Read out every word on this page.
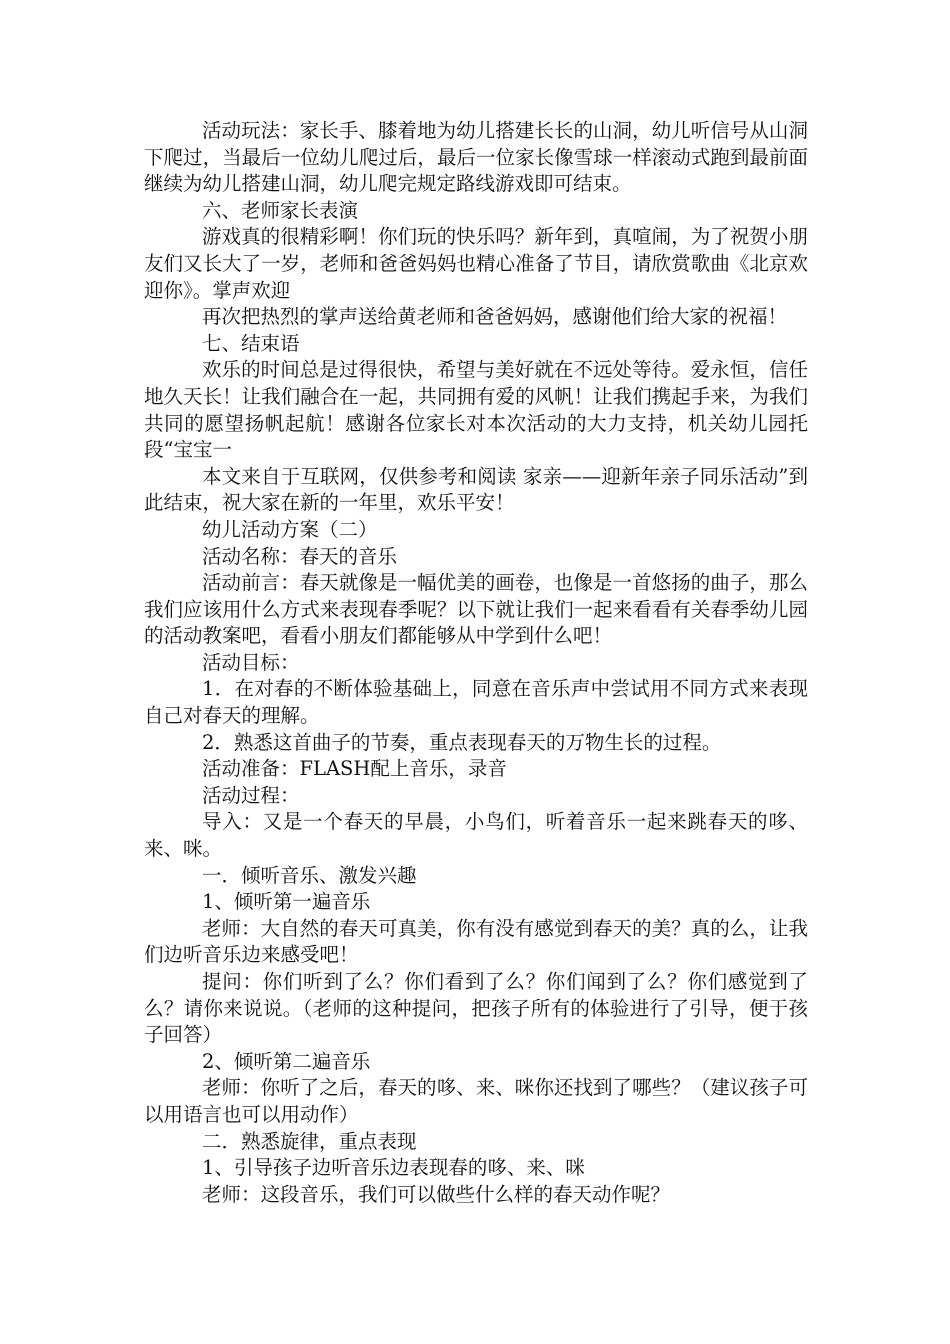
活动玩法：家长手、膝着地为幼儿搭建长长的山洞，幼儿听信号从山洞下爬过，当最后一位幼儿爬过后，最后一位家长像雪球一样滚动式跑到最前面继续为幼儿搭建山洞，幼儿爬完规定路线游戏即可结束。

六、老师家长表演

游戏真的很精彩啊！你们玩的快乐吗？新年到，真喧闹，为了祝贺小朋友们又长大了一岁，老师和爸爸妈妈也精心准备了节目，请欣赏歌曲《北京欢迎你》。掌声欢迎

再次把热烈的掌声送给黄老师和爸爸妈妈，感谢他们给大家的祝福！

七、结束语

欢乐的时间总是过得很快，希望与美好就在不远处等待。爱永恒，信任地久天长！让我们融合在一起，共同拥有爱的风帆！让我们携起手来，为我们共同的愿望扬帆起航！感谢各位家长对本次活动的大力支持，机关幼儿园托段“宝宝一

本文来自于互联网，仅供参考和阅读 家亲——迎新年亲子同乐活动”到此结束，祝大家在新的一年里，欢乐平安！

幼儿活动方案（二）

活动名称：春天的音乐

活动前言：春天就像是一幅优美的画卷，也像是一首悠扬的曲子，那么我们应该用什么方式来表现春季呢？以下就让我们一起来看看有关春季幼儿园的活动教案吧，看看小朋友们都能够从中学到什么吧！

活动目标：

1．在对春的不断体验基础上，同意在音乐声中尝试用不同方式来表现自己对春天的理解。

2．熟悉这首曲子的节奏，重点表现春天的万物生长的过程。

活动准备：FLASH配上音乐，录音

活动过程：

导入：又是一个春天的早晨，小鸟们，听着音乐一起来跳春天的哆、来、咪。

一．倾听音乐、激发兴趣

1、倾听第一遍音乐

老师：大自然的春天可真美，你有没有感觉到春天的美？真的么，让我们边听音乐边来感受吧！

提问：你们听到了么？你们看到了么？你们闻到了么？你们感觉到了么？请你来说说。（老师的这种提问，把孩子所有的体验进行了引导，便于孩子回答）

2、倾听第二遍音乐

老师：你听了之后，春天的哆、来、咪你还找到了哪些？（建议孩子可以用语言也可以用动作）

二．熟悉旋律，重点表现

1、引导孩子边听音乐边表现春的哆、来、咪

老师：这段音乐，我们可以做些什么样的春天动作呢？
